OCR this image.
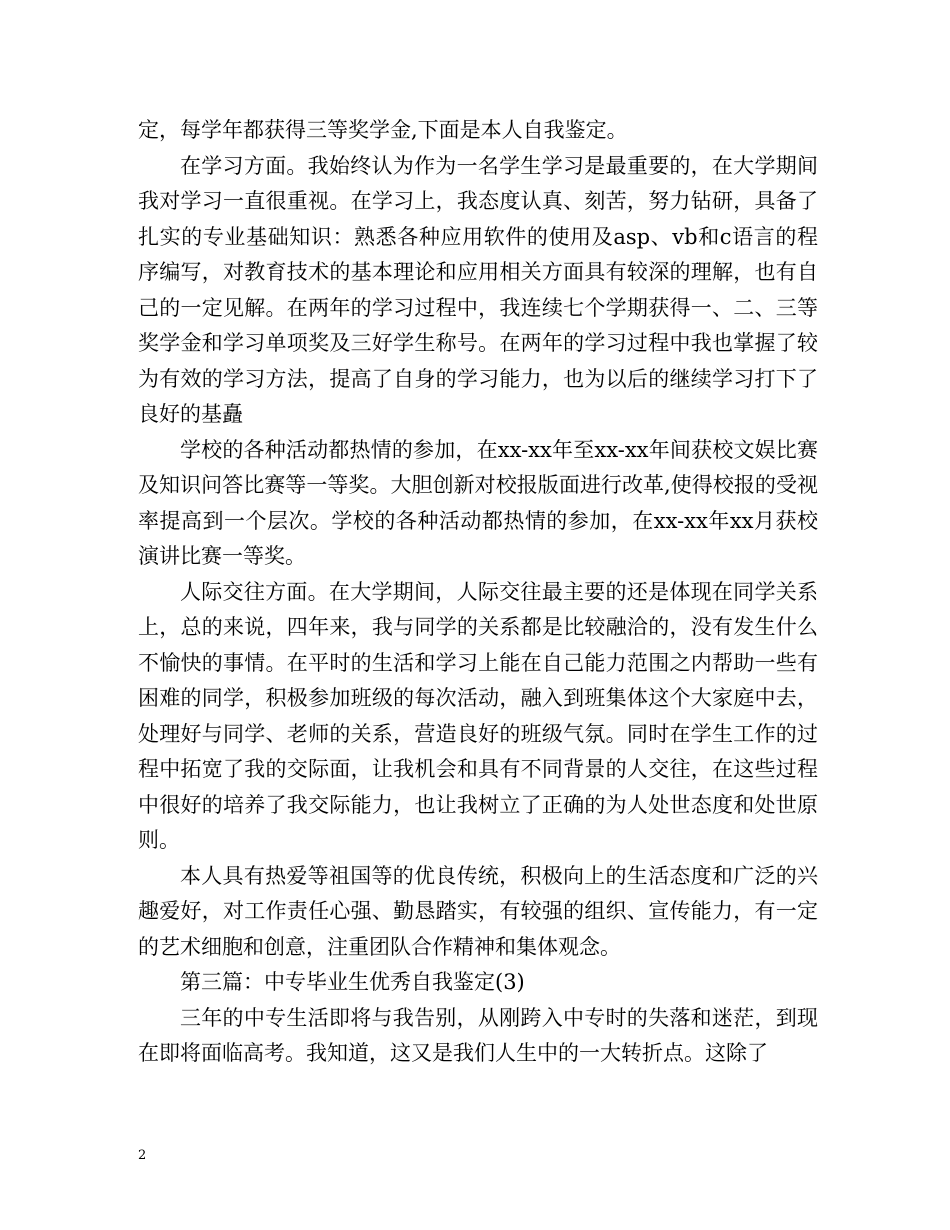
定，每学年都获得三等奖学金,下面是本人自我鉴定。

在学习方面。我始终认为作为一名学生学习是最重要的，在大学期间我对学习一直很重视。在学习上，我态度认真、刻苦，努力钻研，具备了扎实的专业基础知识：熟悉各种应用软件的使用及asp、vb和c语言的程序编写，对教育技术的基本理论和应用相关方面具有较深的理解，也有自己的一定见解。在两年的学习过程中，我连续七个学期获得一、二、三等奖学金和学习单项奖及三好学生称号。在两年的学习过程中我也掌握了较为有效的学习方法，提高了自身的学习能力，也为以后的继续学习打下了良好的基矗

学校的各种活动都热情的参加，在xx-xx年至xx-xx年间获校文娱比赛及知识问答比赛等一等奖。大胆创新对校报版面进行改革,使得校报的受视率提高到一个层次。学校的各种活动都热情的参加，在xx-xx年xx月获校演讲比赛一等奖。

人际交往方面。在大学期间，人际交往最主要的还是体现在同学关系上，总的来说，四年来，我与同学的关系都是比较融洽的，没有发生什么不愉快的事情。在平时的生活和学习上能在自己能力范围之内帮助一些有困难的同学，积极参加班级的每次活动，融入到班集体这个大家庭中去，处理好与同学、老师的关系，营造良好的班级气氛。同时在学生工作的过程中拓宽了我的交际面，让我机会和具有不同背景的人交往，在这些过程中很好的培养了我交际能力，也让我树立了正确的为人处世态度和处世原则。

本人具有热爱等祖国等的优良传统，积极向上的生活态度和广泛的兴趣爱好，对工作责任心强、勤恳踏实，有较强的组织、宣传能力，有一定的艺术细胞和创意，注重团队合作精神和集体观念。

第三篇：中专毕业生优秀自我鉴定(3)

三年的中专生活即将与我告别，从刚跨入中专时的失落和迷茫，到现在即将面临高考。我知道，这又是我们人生中的一大转折点。这除了

2
